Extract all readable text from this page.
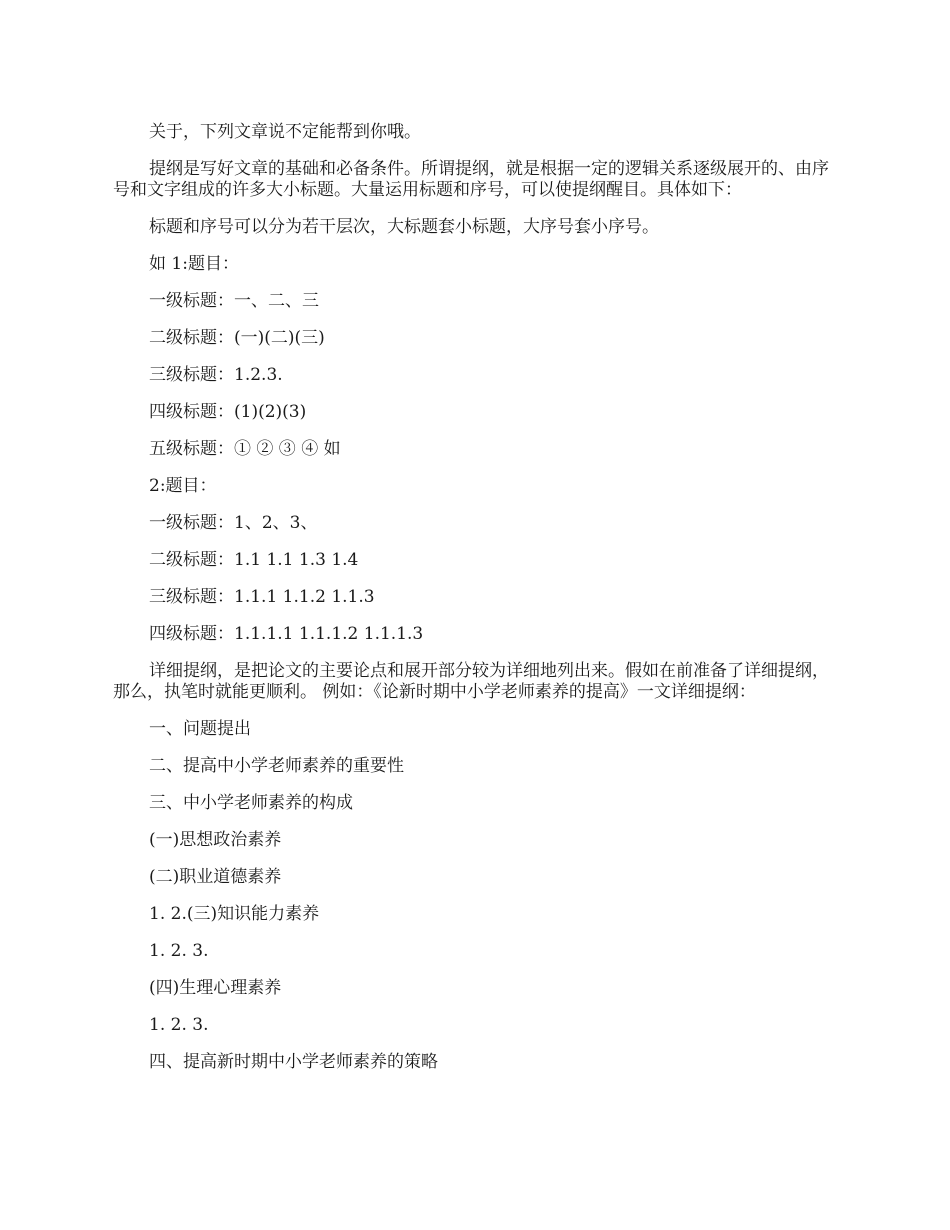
关于，下列文章说不定能帮到你哦。

提纲是写好文章的基础和必备条件。所谓提纲，就是根据一定的逻辑关系逐级展开的、由序号和文字组成的许多大小标题。大量运用标题和序号，可以使提纲醒目。具体如下：

标题和序号可以分为若干层次，大标题套小标题，大序号套小序号。

如 1:题目：

一级标题：一、二、三

二级标题：(一)(二)(三)

三级标题：1.2.3.

四级标题：(1)(2)(3)

五级标题：① ② ③ ④ 如

2:题目：

一级标题：1、2、3、

二级标题：1.1 1.1 1.3 1.4

三级标题：1.1.1 1.1.2 1.1.3

四级标题：1.1.1.1 1.1.1.2 1.1.1.3

详细提纲，是把论文的主要论点和展开部分较为详细地列出来。假如在前准备了详细提纲，那么，执笔时就能更顺利。 例如：《论新时期中小学老师素养的提高》一文详细提纲：

一、问题提出

二、提高中小学老师素养的重要性

三、中小学老师素养的构成

(一)思想政治素养

(二)职业道德素养

1. 2.(三)知识能力素养

1. 2. 3.

(四)生理心理素养

1. 2. 3.

四、提高新时期中小学老师素养的策略
